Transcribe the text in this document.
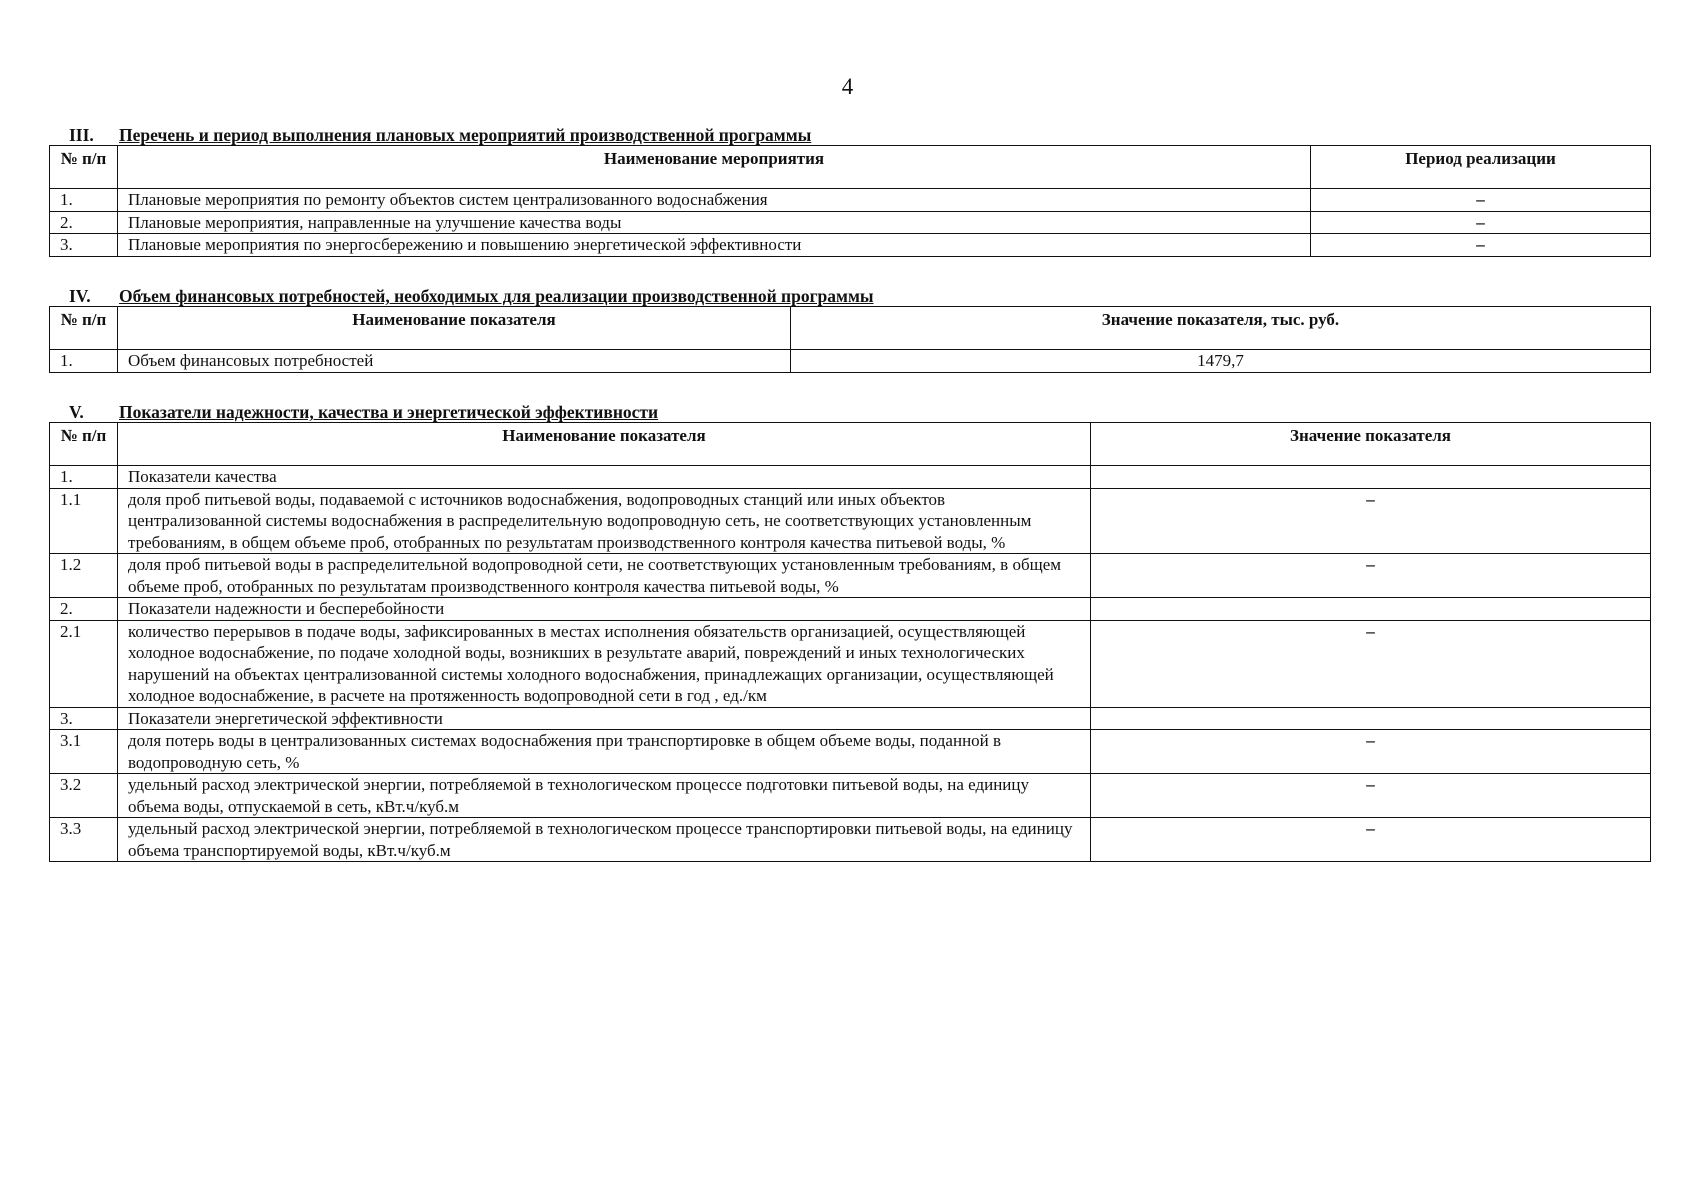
4
III.	Перечень и период выполнения плановых мероприятий производственной программы
№ п/п	Наименование мероприятия	Период реализации
1.	Плановые мероприятия по ремонту объектов систем централизованного водоснабжения	–
2.	Плановые мероприятия, направленные на улучшение качества воды	–
3.	Плановые мероприятия по энергосбережению и повышению энергетической эффективности	–
IV.	Объем финансовых потребностей, необходимых для реализации производственной программы
№ п/п	Наименование показателя	Значение показателя, тыс. руб.
1.	Объем финансовых потребностей	1479,7
V.	Показатели надежности, качества и энергетической эффективности
№ п/п	Наименование показателя	Значение показателя
1.	Показатели качества	
1.1	доля проб питьевой воды, подаваемой с источников водоснабжения, водопроводных станций или иных объектов централизованной системы водоснабжения в распределительную водопроводную сеть, не соответствующих установленным требованиям, в общем объеме проб, отобранных по результатам производственного контроля качества питьевой воды, %	–
1.2	доля проб питьевой воды в распределительной водопроводной сети, не соответствующих установленным требованиям, в общем объеме проб, отобранных по результатам производственного контроля качества питьевой воды, %	–
2.	Показатели надежности и бесперебойности	
2.1	количество перерывов в подаче воды, зафиксированных в местах исполнения обязательств организацией, осуществляющей холодное водоснабжение, по подаче холодной воды, возникших в результате аварий, повреждений и иных технологических нарушений на объектах централизованной системы холодного водоснабжения, принадлежащих организации, осуществляющей холодное водоснабжение, в расчете на протяженность водопроводной сети в год , ед./км	–
3.	Показатели энергетической эффективности	
3.1	доля потерь воды в централизованных системах водоснабжения при транспортировке в общем объеме воды, поданной в водопроводную сеть, %	–
3.2	удельный расход электрической энергии, потребляемой в технологическом процессе подготовки питьевой воды, на единицу объема воды, отпускаемой в сеть, кВт.ч/куб.м	–
3.3	удельный расход электрической энергии, потребляемой в технологическом процессе транспортировки питьевой воды, на единицу объема транспортируемой воды, кВт.ч/куб.м	–
